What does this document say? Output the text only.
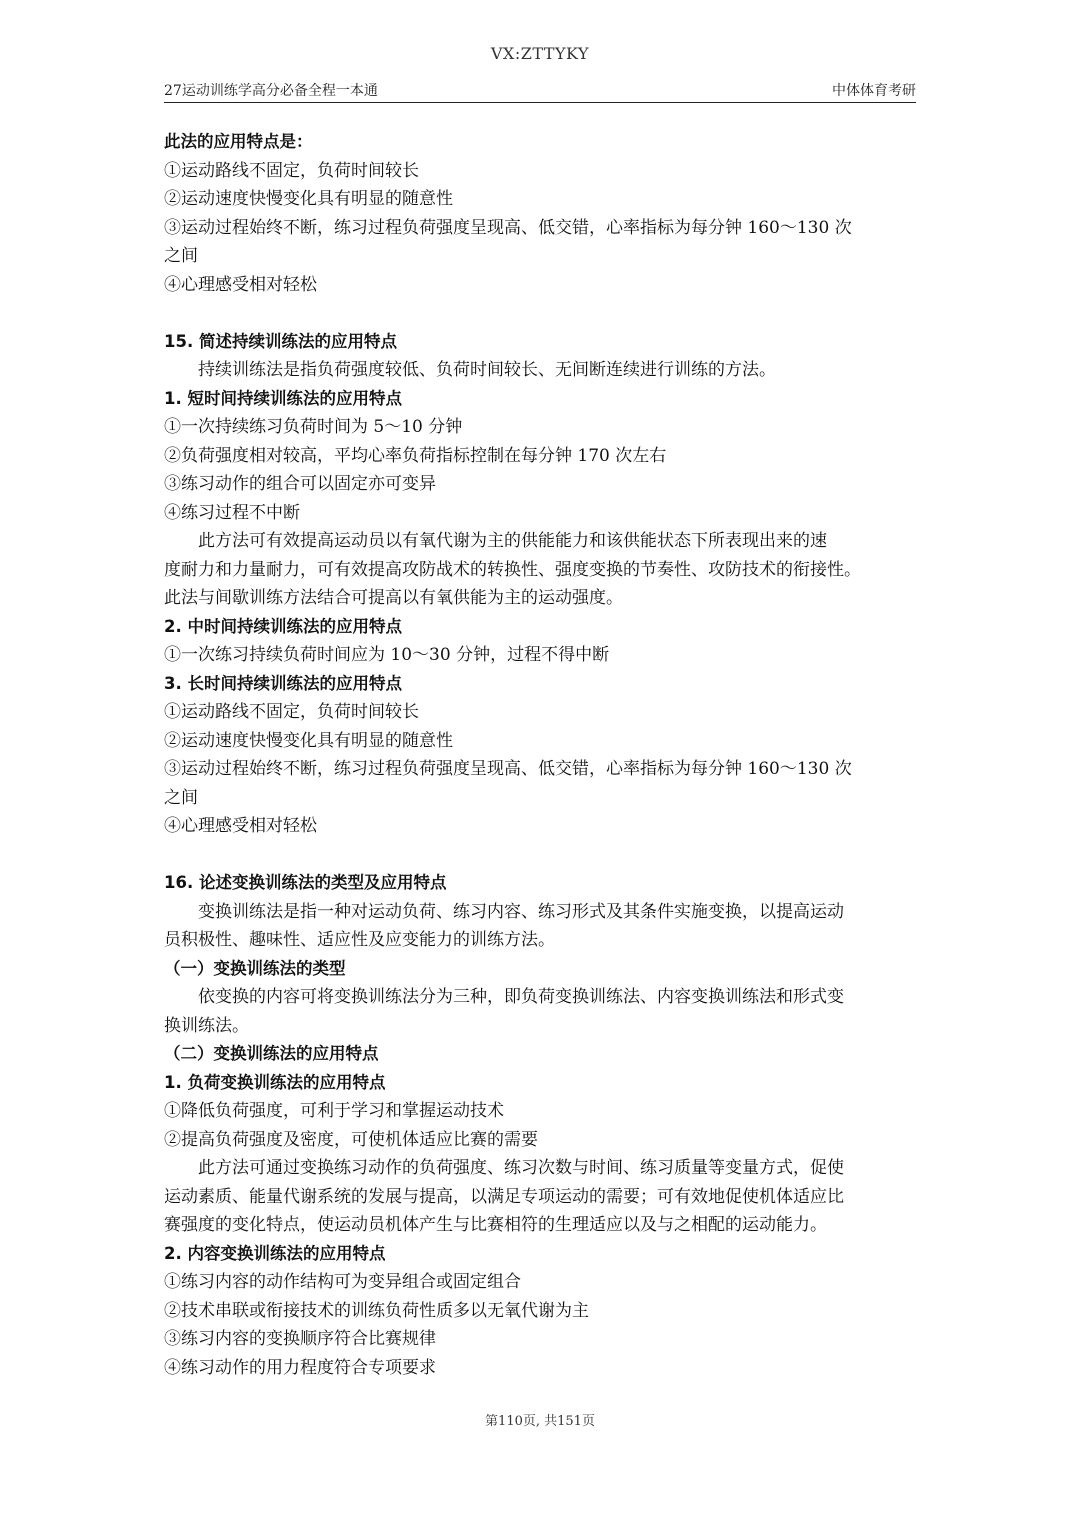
VX:ZTTYKY
27运动训练学高分必备全程一本通	中体体育考研
此法的应用特点是：
①运动路线不固定，负荷时间较长
②运动速度快慢变化具有明显的随意性
③运动过程始终不断，练习过程负荷强度呈现高、低交错，心率指标为每分钟 160～130 次
之间
④心理感受相对轻松
15. 简述持续训练法的应用特点
持续训练法是指负荷强度较低、负荷时间较长、无间断连续进行训练的方法。
1. 短时间持续训练法的应用特点
①一次持续练习负荷时间为 5～10 分钟
②负荷强度相对较高，平均心率负荷指标控制在每分钟 170 次左右
③练习动作的组合可以固定亦可变异
④练习过程不中断
此方法可有效提高运动员以有氧代谢为主的供能能力和该供能状态下所表现出来的速
度耐力和力量耐力，可有效提高攻防战术的转换性、强度变换的节奏性、攻防技术的衔接性。
此法与间歇训练方法结合可提高以有氧供能为主的运动强度。
2. 中时间持续训练法的应用特点
①一次练习持续负荷时间应为 10～30 分钟，过程不得中断
3. 长时间持续训练法的应用特点
①运动路线不固定，负荷时间较长
②运动速度快慢变化具有明显的随意性
③运动过程始终不断，练习过程负荷强度呈现高、低交错，心率指标为每分钟 160～130 次
之间
④心理感受相对轻松
16. 论述变换训练法的类型及应用特点
变换训练法是指一种对运动负荷、练习内容、练习形式及其条件实施变换，以提高运动
员积极性、趣味性、适应性及应变能力的训练方法。
（一）变换训练法的类型
依变换的内容可将变换训练法分为三种，即负荷变换训练法、内容变换训练法和形式变
换训练法。
（二）变换训练法的应用特点
1. 负荷变换训练法的应用特点
①降低负荷强度，可利于学习和掌握运动技术
②提高负荷强度及密度，可使机体适应比赛的需要
此方法可通过变换练习动作的负荷强度、练习次数与时间、练习质量等变量方式，促使
运动素质、能量代谢系统的发展与提高，以满足专项运动的需要；可有效地促使机体适应比
赛强度的变化特点，使运动员机体产生与比赛相符的生理适应以及与之相配的运动能力。
2. 内容变换训练法的应用特点
①练习内容的动作结构可为变异组合或固定组合
②技术串联或衔接技术的训练负荷性质多以无氧代谢为主
③练习内容的变换顺序符合比赛规律
④练习动作的用力程度符合专项要求
第110页, 共151页
